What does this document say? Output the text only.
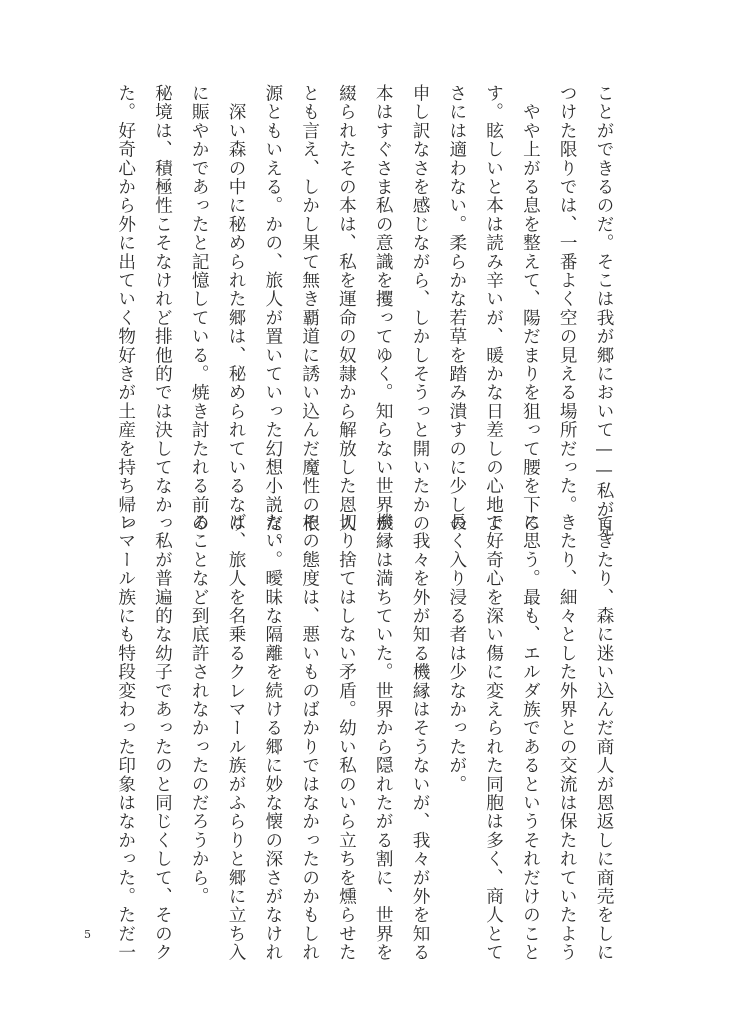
ことができるのだ。そこは我が郷において——私が見

つけた限りでは、一番よく空の見える場所だった。

　やや上がる息を整えて、陽だまりを狙って腰を下ろ

す。眩しいと本は読み辛いが、暖かな日差しの心地よ

さには適わない。柔らかな若草を踏み潰すのに少しの

申し訳なさを感じながら、しかしそうっと開いたかの

本はすぐさま私の意識を攫ってゆく。知らない世界が

綴られたその本は、私を運命の奴隷から解放した恩人

とも言え、しかし果て無き覇道に誘い込んだ魔性の根

源ともいえる。かの、旅人が置いていった幻想小説だ。

　深い森の中に秘められた郷は、秘められているなり

に賑やかであったと記憶している。焼き討たれる前の

秘境は、積極性こそなけれど排他的では決してなかっ

た。好奇心から外に出ていく物好きが土産を持ち帰っ

てきたり、森に迷い込んだ商人が恩返しに商売をしに

きたり、細々とした外界との交流は保たれていたよう

に思う。最も、エルダ族であるというそれだけのこと

で好奇心を深い傷に変えられた同胞は多く、商人とて

長く入り浸る者は少なかったが。

　我々を外が知る機縁はそうないが、我々が外を知る

機縁は満ちていた。世界から隠れたがる割に、世界を

切り捨てはしない矛盾。幼い私のいら立ちを燻らせた

その態度は、悪いものばかりではなかったのかもしれ

ない。曖昧な隔離を続ける郷に妙な懐の深さがなけれ

ば、旅人を名乗るクレマール族がふらりと郷に立ち入

ることなど到底許されなかったのだろうから。

　私が普遍的な幼子であったのと同じくして、そのク

レマール族にも特段変わった印象はなかった。ただ一

5
